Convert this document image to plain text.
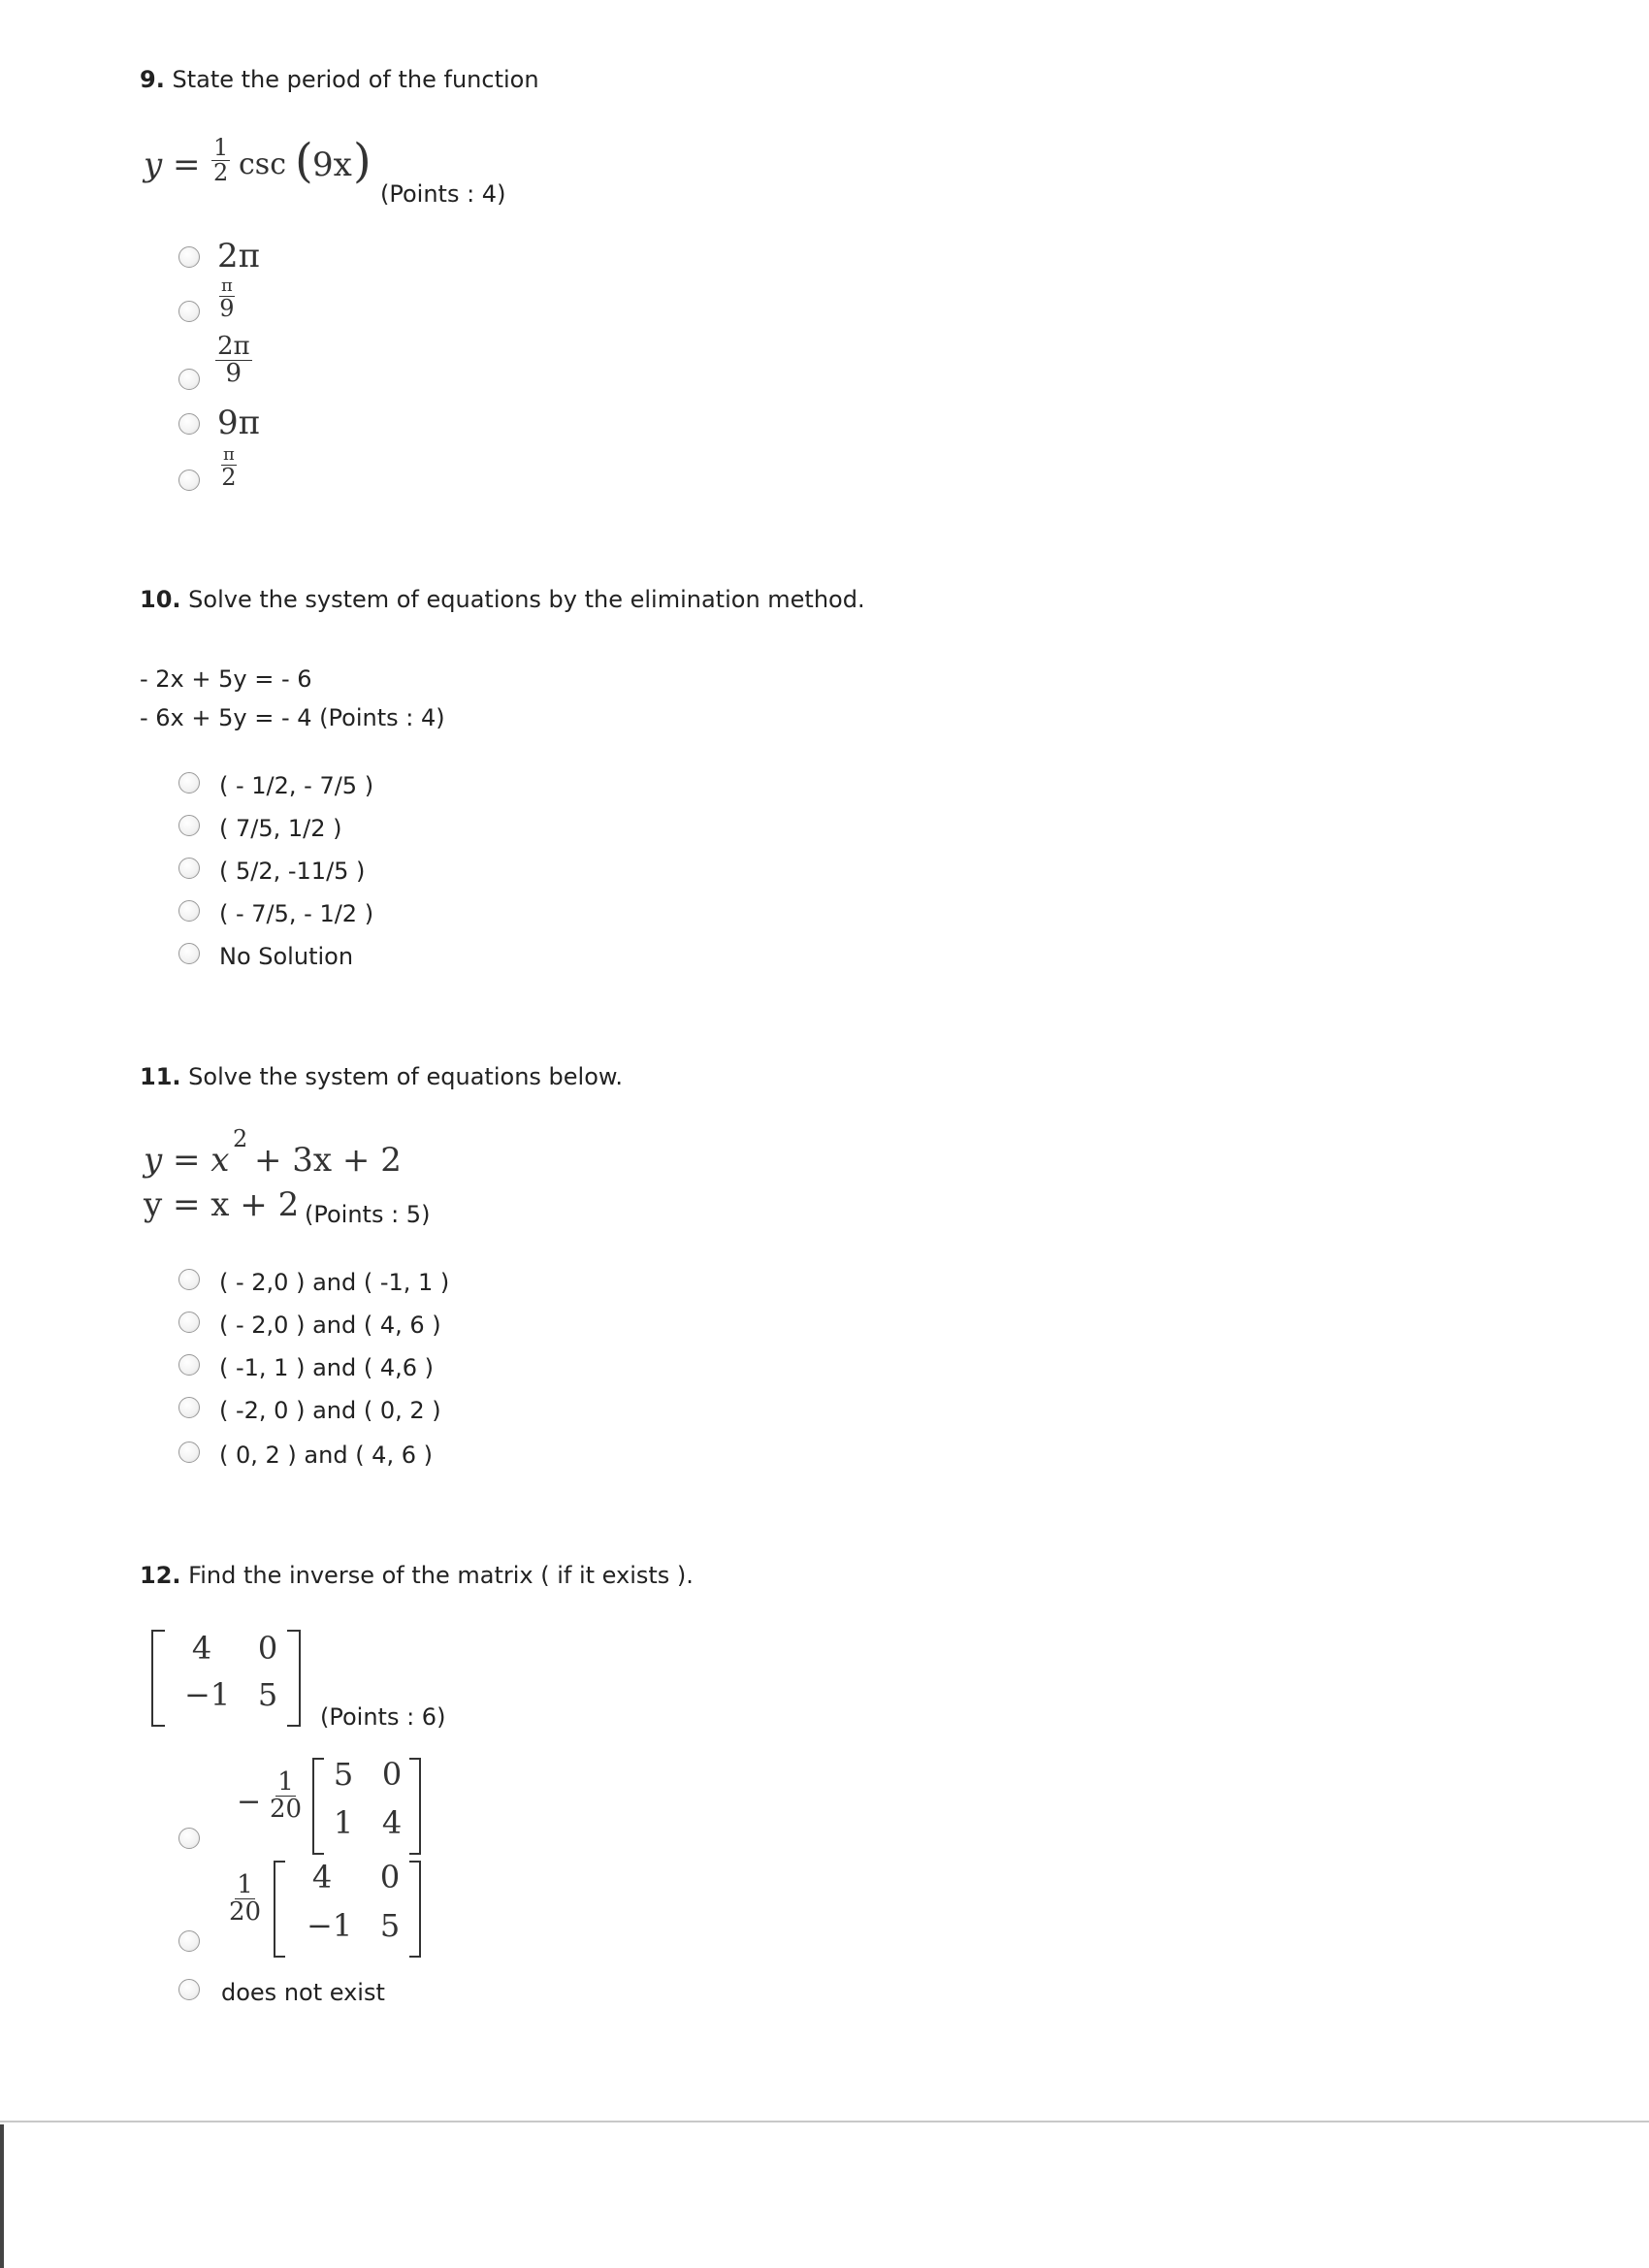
9. State the period of the function
$y = \frac{1}{2}$ csc ( 9x )
(Points : 4)
2π
π
9
$\frac{2\pi}{9}$
9π
π
2
10. Solve the system of equations by the elimination method.
- 2x + 5y = - 6
- 6x + 5y = - 4 (Points : 4)
( - 1/2, - 7/5 )
( 7/5, 1/2 )
( 5/2, -11/5 )
( - 7/5, - 1/2 )
No Solution
11. Solve the system of equations below.
y = x
2
+ 3x + 2
y = x + 2 (Points : 5)
( - 2,0 ) and ( -1, 1 )
( - 2,0 ) and ( 4, 6 )
( -1, 1 ) and ( 4,6 )
( -2, 0 ) and ( 0, 2 )
( 0, 2 ) and ( 4, 6 )
12. Find the inverse of the matrix ( if it exists ).
4	0
−1 5
(Points : 6)
− $\frac{1}{20}$	5 0
1 4
$\frac{1}{20}$	4	0
−1 5
does not exist
